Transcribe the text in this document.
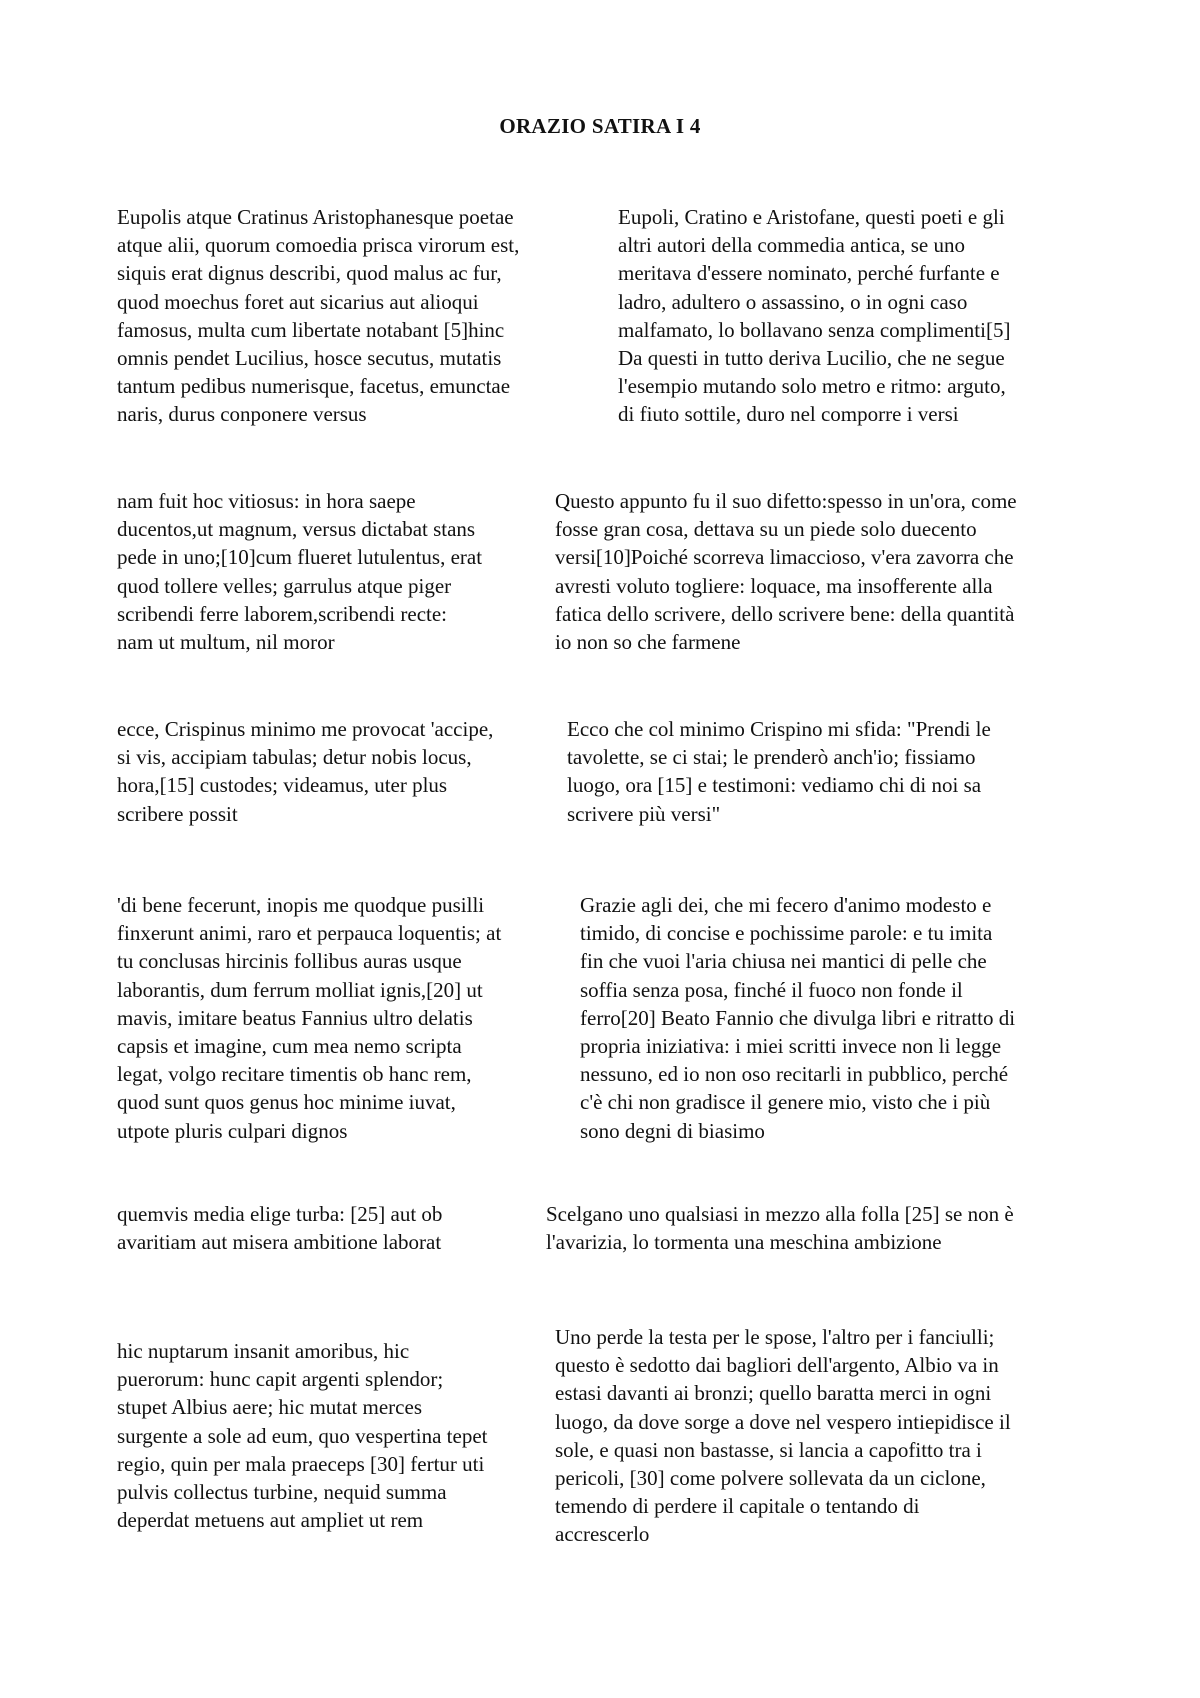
ORAZIO SATIRA I 4

Eupolis atque Cratinus Aristophanesque poetae
atque alii, quorum comoedia prisca virorum est,
siquis erat dignus describi, quod malus ac fur,
quod moechus foret aut sicarius aut alioqui
famosus, multa cum libertate notabant [5]hinc
omnis pendet Lucilius, hosce secutus, mutatis
tantum pedibus numerisque, facetus, emunctae
naris, durus conponere versus

Eupoli, Cratino e Aristofane, questi poeti e gli
altri autori della commedia antica, se uno
meritava d'essere nominato, perché furfante e
ladro, adultero o assassino, o in ogni caso
malfamato, lo bollavano senza complimenti[5]
Da questi in tutto deriva Lucilio, che ne segue
l'esempio mutando solo metro e ritmo: arguto,
di fiuto sottile, duro nel comporre i versi

nam fuit hoc vitiosus: in hora saepe
ducentos,ut magnum, versus dictabat stans
pede in uno;[10]cum flueret lutulentus, erat
quod tollere velles; garrulus atque piger
scribendi ferre laborem,scribendi recte:
nam ut multum, nil moror

Questo appunto fu il suo difetto:spesso in un'ora, come
fosse gran cosa, dettava su un piede solo duecento
versi[10]Poiché scorreva limaccioso, v'era zavorra che
avresti voluto togliere: loquace, ma insofferente alla
fatica dello scrivere, dello scrivere bene: della quantità
io non so che farmene

ecce, Crispinus minimo me provocat 'accipe,
si vis, accipiam tabulas; detur nobis locus,
hora,[15] custodes; videamus, uter plus
scribere possit

Ecco che col minimo Crispino mi sfida: "Prendi le
tavolette, se ci stai; le prenderò anch'io; fissiamo
luogo, ora [15] e testimoni: vediamo chi di noi sa
scrivere più versi"

'di bene fecerunt, inopis me quodque pusilli
finxerunt animi, raro et perpauca loquentis; at
tu conclusas hircinis follibus auras usque
laborantis, dum ferrum molliat ignis,[20] ut
mavis, imitare beatus Fannius ultro delatis
capsis et imagine, cum mea nemo scripta
legat, volgo recitare timentis ob hanc rem,
quod sunt quos genus hoc minime iuvat,
utpote pluris culpari dignos

Grazie agli dei, che mi fecero d'animo modesto e
timido, di concise e pochissime parole: e tu imita
fin che vuoi l'aria chiusa nei mantici di pelle che
soffia senza posa, finché il fuoco non fonde il
ferro[20] Beato Fannio che divulga libri e ritratto di
propria iniziativa: i miei scritti invece non li legge
nessuno, ed io non oso recitarli in pubblico, perché
c'è chi non gradisce il genere mio, visto che i più
sono degni di biasimo

quemvis media elige turba: [25] aut ob
avaritiam aut misera ambitione laborat

Scelgano uno qualsiasi in mezzo alla folla [25] se non è
l'avarizia, lo tormenta una meschina ambizione

hic nuptarum insanit amoribus, hic
puerorum: hunc capit argenti splendor;
stupet Albius aere; hic mutat merces
surgente a sole ad eum, quo vespertina tepet
regio, quin per mala praeceps [30] fertur uti
pulvis collectus turbine, nequid summa
deperdat metuens aut ampliet ut rem

Uno perde la testa per le spose, l'altro per i fanciulli;
questo è sedotto dai bagliori dell'argento, Albio va in
estasi davanti ai bronzi; quello baratta merci in ogni
luogo, da dove sorge a dove nel vespero intiepidisce il
sole, e quasi non bastasse, si lancia a capofitto tra i
pericoli, [30] come polvere sollevata da un ciclone,
temendo di perdere il capitale o tentando di
accrescerlo
